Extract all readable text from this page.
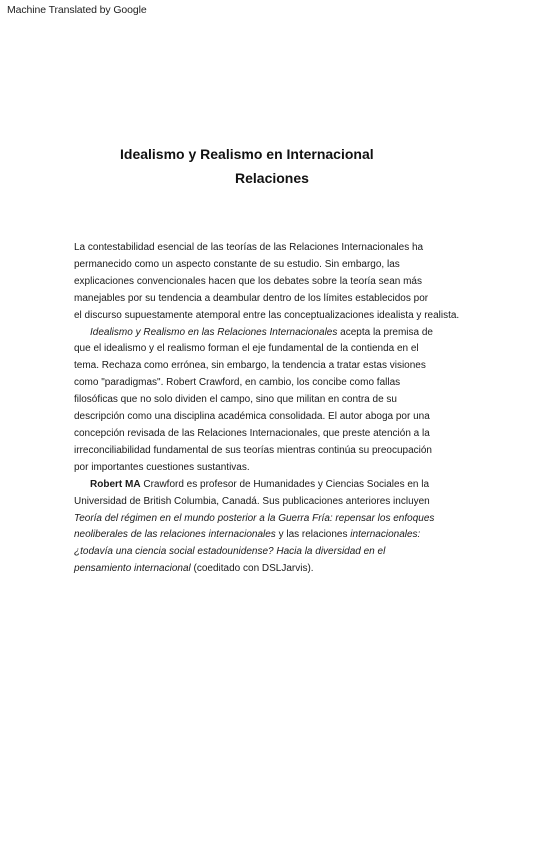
Machine Translated by Google
Idealismo y Realismo en Internacional
Relaciones

La contestabilidad esencial de las teorías de las Relaciones Internacionales ha
permanecido como un aspecto constante de su estudio. Sin embargo, las
explicaciones convencionales hacen que los debates sobre la teoría sean más
manejables por su tendencia a deambular dentro de los límites establecidos por
el discurso supuestamente atemporal entre las conceptualizaciones idealista y realista.

Idealismo y Realismo en las Relaciones Internacionales acepta la premisa de
que el idealismo y el realismo forman el eje fundamental de la contienda en el
tema. Rechaza como errónea, sin embargo, la tendencia a tratar estas visiones
como "paradigmas". Robert Crawford, en cambio, los concibe como fallas
filosóficas que no solo dividen el campo, sino que militan en contra de su
descripción como una disciplina académica consolidada. El autor aboga por una
concepción revisada de las Relaciones Internacionales, que preste atención a la
irreconciliabilidad fundamental de sus teorías mientras continúa su preocupación
por importantes cuestiones sustantivas.

Robert MA Crawford es profesor de Humanidades y Ciencias Sociales en la
Universidad de British Columbia, Canadá. Sus publicaciones anteriores incluyen
Teoría del régimen en el mundo posterior a la Guerra Fría: repensar los enfoques
neoliberales de las relaciones internacionales y las relaciones internacionales:
¿todavía una ciencia social estadounidense? Hacia la diversidad en el
pensamiento internacional (coeditado con DSLJarvis).
